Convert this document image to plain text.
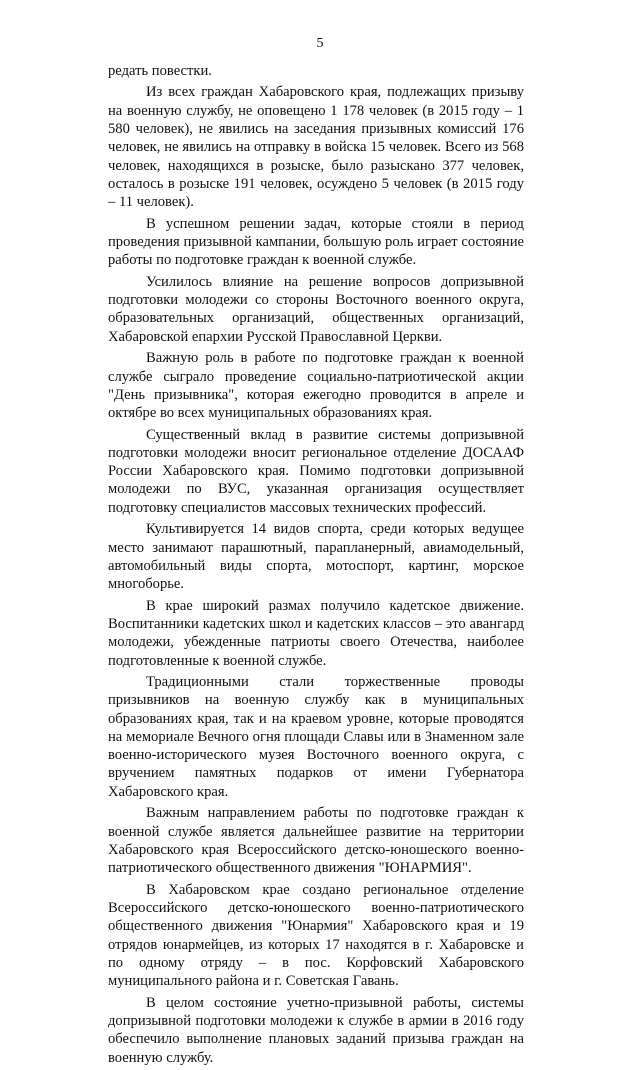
5

редать повестки.

Из всех граждан Хабаровского края, подлежащих призыву на военную службу, не оповещено 1 178 человек (в 2015 году – 1 580 человек), не явились на заседания призывных комиссий 176 человек, не явились на отправку в войска 15 человек. Всего из 568 человек, находящихся в розыске, было разыскано 377 человек, осталось в розыске 191 человек, осуждено 5 человек (в 2015 году – 11 человек).

В успешном решении задач, которые стояли в период проведения призывной кампании, большую роль играет состояние работы по подготовке граждан к военной службе.

Усилилось влияние на решение вопросов допризывной подготовки молодежи со стороны Восточного военного округа, образовательных организаций, общественных организаций, Хабаровской епархии Русской Православной Церкви.

Важную роль в работе по подготовке граждан к военной службе сыграло проведение социально-патриотической акции "День призывника", которая ежегодно проводится в апреле и октябре во всех муниципальных образованиях края.

Существенный вклад в развитие системы допризывной подготовки молодежи вносит региональное отделение ДОСААФ России Хабаровского края. Помимо подготовки допризывной молодежи по ВУС, указанная организация осуществляет подготовку специалистов массовых технических профессий.

Культивируется 14 видов спорта, среди которых ведущее место занимают парашютный, парапланерный, авиамодельный, автомобильный виды спорта, мотоспорт, картинг, морское многоборье.

В крае широкий размах получило кадетское движение. Воспитанники кадетских школ и кадетских классов – это авангард молодежи, убежденные патриоты своего Отечества, наиболее подготовленные к военной службе.

Традиционными стали торжественные проводы призывников на военную службу как в муниципальных образованиях края, так и на краевом уровне, которые проводятся на мемориале Вечного огня площади Славы или в Знаменном зале военно-исторического музея Восточного военного округа, с вручением памятных подарков от имени Губернатора Хабаровского края.

Важным направлением работы по подготовке граждан к военной службе является дальнейшее развитие на территории Хабаровского края Всероссийского детско-юношеского военно-патриотического общественного движения "ЮНАРМИЯ".

В Хабаровском крае создано региональное отделение Всероссийского детско-юношеского военно-патриотического общественного движения "Юнармия" Хабаровского края и 19 отрядов юнармейцев, из которых 17 находятся в г. Хабаровске и по одному отряду – в пос. Корфовский Хабаровского муниципального района и г. Советская Гавань.

В целом состояние учетно-призывной работы, системы допризывной подготовки молодежи к службе в армии в 2016 году обеспечило выполнение плановых заданий призыва граждан на военную службу.
